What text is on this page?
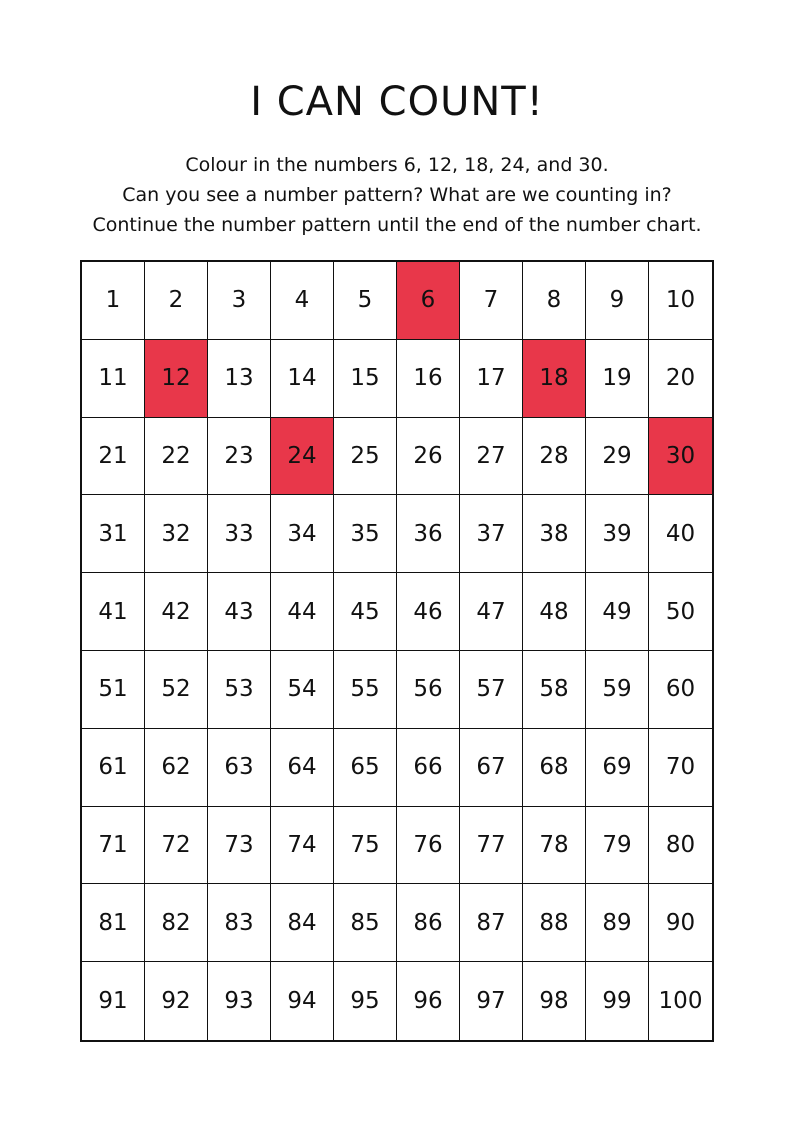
I CAN COUNT!
Colour in the numbers 6, 12, 18, 24, and 30.
Can you see a number pattern? What are we counting in?
Continue the number pattern until the end of the number chart.
1	2	3	4	5	6	7	8	9	10
11	12	13	14	15	16	17	18	19	20
21	22	23	24	25	26	27	28	29	30
31	32	33	34	35	36	37	38	39	40
41	42	43	44	45	46	47	48	49	50
51	52	53	54	55	56	57	58	59	60
61	62	63	64	65	66	67	68	69	70
71	72	73	74	75	76	77	78	79	80
81	82	83	84	85	86	87	88	89	90
91	92	93	94	95	96	97	98	99	100
